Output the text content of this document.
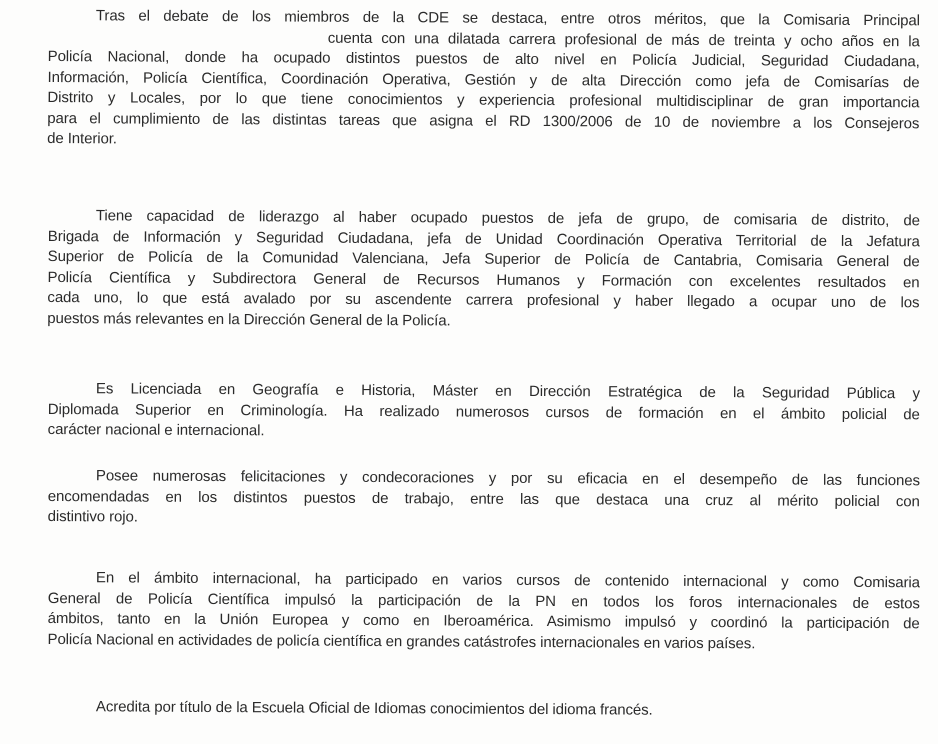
Tras el debate de los miembros de la CDE se destaca, entre otros méritos, que la Comisaria Principal
cuenta con una dilatada carrera profesional de más de treinta y ocho años en la
Policía Nacional, donde ha ocupado distintos puestos de alto nivel en Policía Judicial, Seguridad Ciudadana,
Información, Policía Científica, Coordinación Operativa, Gestión y de alta Dirección como jefa de Comisarías de
Distrito y Locales, por lo que tiene conocimientos y experiencia profesional multidisciplinar de gran importancia
para el cumplimiento de las distintas tareas que asigna el RD 1300/2006 de 10 de noviembre a los Consejeros
de Interior.
Tiene capacidad de liderazgo al haber ocupado puestos de jefa de grupo, de comisaria de distrito, de
Brigada de Información y Seguridad Ciudadana, jefa de Unidad Coordinación Operativa Territorial de la Jefatura
Superior de Policía de la Comunidad Valenciana, Jefa Superior de Policía de Cantabria, Comisaria General de
Policía Científica y Subdirectora General de Recursos Humanos y Formación con excelentes resultados en
cada uno, lo que está avalado por su ascendente carrera profesional y haber llegado a ocupar uno de los
puestos más relevantes en la Dirección General de la Policía.
Es Licenciada en Geografía e Historia, Máster en Dirección Estratégica de la Seguridad Pública y
Diplomada Superior en Criminología. Ha realizado numerosos cursos de formación en el ámbito policial de
carácter nacional e internacional.
Posee numerosas felicitaciones y condecoraciones y por su eficacia en el desempeño de las funciones
encomendadas en los distintos puestos de trabajo, entre las que destaca una cruz al mérito policial con
distintivo rojo.
En el ámbito internacional, ha participado en varios cursos de contenido internacional y como Comisaria
General de Policía Científica impulsó la participación de la PN en todos los foros internacionales de estos
ámbitos, tanto en la Unión Europea y como en Iberoamérica. Asimismo impulsó y coordinó la participación de
Policía Nacional en actividades de policía científica en grandes catástrofes internacionales en varios países.
Acredita por título de la Escuela Oficial de Idiomas conocimientos del idioma francés.
